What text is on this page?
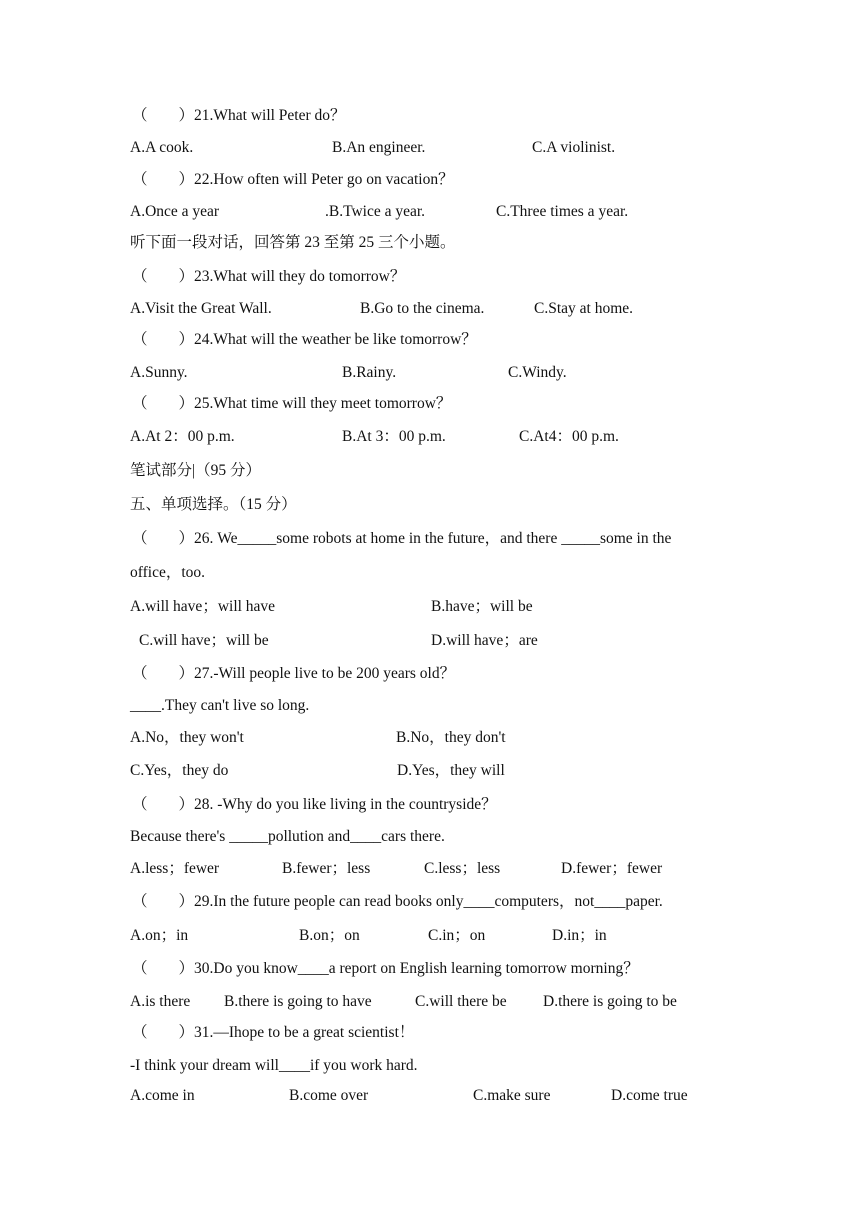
（　　）21.What will Peter do？
A.A cook.	B.An engineer.	C.A violinist.
（　　）22.How often will Peter go on vacation？
A.Once a year	.B.Twice a year.	C.Three times a year.
听下面一段对话，回答第 23 至第 25 三个小题。
（　　）23.What will they do tomorrow？
A.Visit the Great Wall.	B.Go to the cinema.	C.Stay at home.
（　　）24.What will the weather be like tomorrow？
A.Sunny.	B.Rainy.	C.Windy.
（　　）25.What time will they meet tomorrow？
A.At 2：00 p.m.	B.At 3：00 p.m.	C.At4：00 p.m.
笔试部分|（95 分）
五、单项选择。（15 分）
（　　）26. We_____some robots at home in the future，and there _____some in the
office，too.
A.will have；will have	B.have；will be
C.will have；will be	D.will have；are
（　　）27.-Will people live to be 200 years old？
____.They can't live so long.
A.No，they won't	B.No，they don't
C.Yes，they do	D.Yes，they will
（　　）28. -Why do you like living in the countryside？
Because there's _____pollution and____cars there.
A.less；fewer	B.fewer；less	C.less；less	D.fewer；fewer
（　　）29.In the future people can read books only____computers，not____paper.
A.on；in	B.on；on	C.in；on	D.in；in
（　　）30.Do you know____a report on English learning tomorrow morning？
A.is there B.there is going to have	C.will there be D.there is going to be
（　　）31.—Ihope to be a great scientist！
-I think your dream will____if you work hard.
A.come in	B.come over	C.make sure	D.come true
